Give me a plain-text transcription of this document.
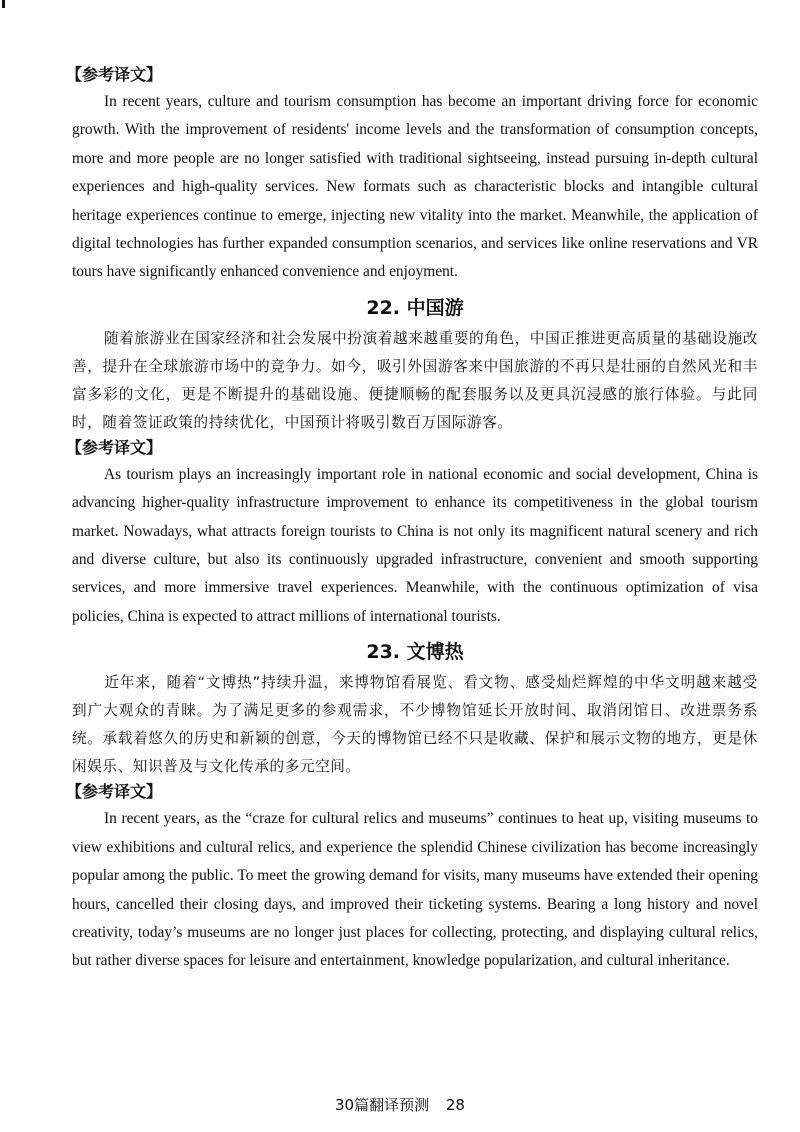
【参考译文】

In recent years, culture and tourism consumption has become an important driving force for economic growth. With the improvement of residents' income levels and the transformation of consumption concepts, more and more people are no longer satisfied with traditional sightseeing, instead pursuing in-depth cultural experiences and high-quality services. New formats such as characteristic blocks and intangible cultural heritage experiences continue to emerge, injecting new vitality into the market. Meanwhile, the application of digital technologies has further expanded consumption scenarios, and services like online reservations and VR tours have significantly enhanced convenience and enjoyment.

22. 中国游

随着旅游业在国家经济和社会发展中扮演着越来越重要的角色，中国正推进更高质量的基础设施改善，提升在全球旅游市场中的竞争力。如今，吸引外国游客来中国旅游的不再只是壮丽的自然风光和丰富多彩的文化，更是不断提升的基础设施、便捷顺畅的配套服务以及更具沉浸感的旅行体验。与此同时，随着签证政策的持续优化，中国预计将吸引数百万国际游客。

【参考译文】

As tourism plays an increasingly important role in national economic and social development, China is advancing higher-quality infrastructure improvement to enhance its competitiveness in the global tourism market. Nowadays, what attracts foreign tourists to China is not only its magnificent natural scenery and rich and diverse culture, but also its continuously upgraded infrastructure, convenient and smooth supporting services, and more immersive travel experiences. Meanwhile, with the continuous optimization of visa policies, China is expected to attract millions of international tourists.

23. 文博热

近年来，随着“文博热”持续升温，来博物馆看展览、看文物、感受灿烂辉煌的中华文明越来越受到广大观众的青睐。为了满足更多的参观需求，不少博物馆延长开放时间、取消闭馆日、改进票务系统。承载着悠久的历史和新颖的创意，今天的博物馆已经不只是收藏、保护和展示文物的地方，更是休闲娱乐、知识普及与文化传承的多元空间。

【参考译文】

In recent years, as the “craze for cultural relics and museums” continues to heat up, visiting museums to view exhibitions and cultural relics, and experience the splendid Chinese civilization has become increasingly popular among the public. To meet the growing demand for visits, many museums have extended their opening hours, cancelled their closing days, and improved their ticketing systems. Bearing a long history and novel creativity, today’s museums are no longer just places for collecting, protecting, and displaying cultural relics, but rather diverse spaces for leisure and entertainment, knowledge popularization, and cultural inheritance.

30篇翻译预测 28
